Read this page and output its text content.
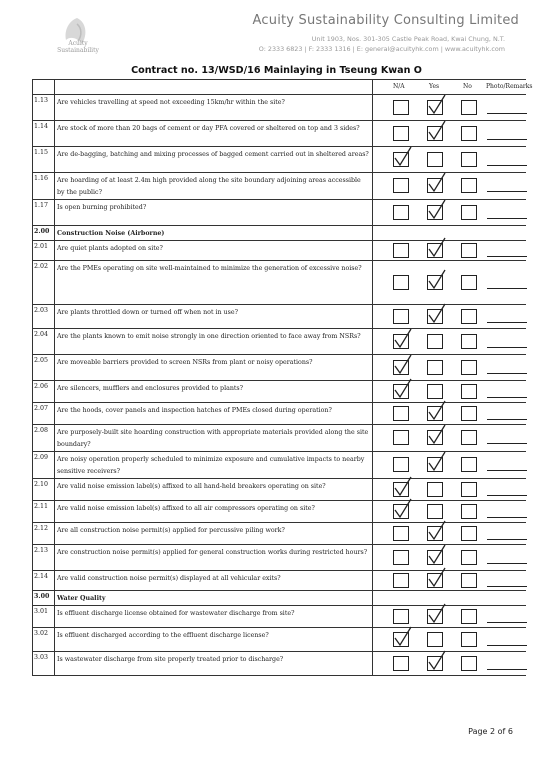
Acuity
Sustainability
Acuity Sustainability Consulting Limited
Unit 1903, Nos. 301-305 Castle Peak Road, Kwai Chung, N.T.
O: 2333 6823 | F: 2333 1316 | E: general@acuityhk.com | www.acuityhk.com
Contract no. 13/WSD/16 Mainlaying in Tseung Kwan O

		N/A Yes No Photo/Remarks

1.13	Are vehicles travelling at speed not exceeding 15km/hr within the site?	

1.14	Are stock of more than 20 bags of cement or day PFA covered or sheltered on top and 3 sides?	

1.15	Are de-bagging, batching and mixing processes of bagged cement carried out in sheltered areas?	

1.16	Are hoarding of at least 2.4m high provided along the site boundary adjoining areas accessible by the public?	

1.17	Is open burning prohibited?	

2.00	Construction Noise (Airborne)	
2.01	Are quiet plants adopted on site?	

2.02	Are the PMEs operating on site well-maintained to minimize the generation of excessive noise?	

2.03	Are plants throttled down or turned off when not in use?	

2.04	Are the plants known to emit noise strongly in one direction oriented to face away from NSRs?	

2.05	Are moveable barriers provided to screen NSRs from plant or noisy operations?	

2.06	Are silencers, mufflers and enclosures provided to plants?	

2.07	Are the hoods, cover panels and inspection hatches of PMEs closed during operation?	

2.08	Are purposely-built site hoarding construction with appropriate materials provided along the site boundary?	

2.09	Are noisy operation properly scheduled to minimize exposure and cumulative impacts to nearby sensitive receivers?	

2.10	Are valid noise emission label(s) affixed to all hand-held breakers operating on site?	

2.11	Are valid noise emission label(s) affixed to all air compressors operating on site?	

2.12	Are all construction noise permit(s) applied for percussive piling work?	

2.13	Are construction noise permit(s) applied for general construction works during restricted hours?	

2.14	Are valid construction noise permit(s) displayed at all vehicular exits?	

3.00	Water Quality	
3.01	Is effluent discharge license obtained for wastewater discharge from site?	

3.02	Is effluent discharged according to the effluent discharge license?	

3.03	Is wastewater discharge from site properly treated prior to discharge?	
Page 2 of 6
